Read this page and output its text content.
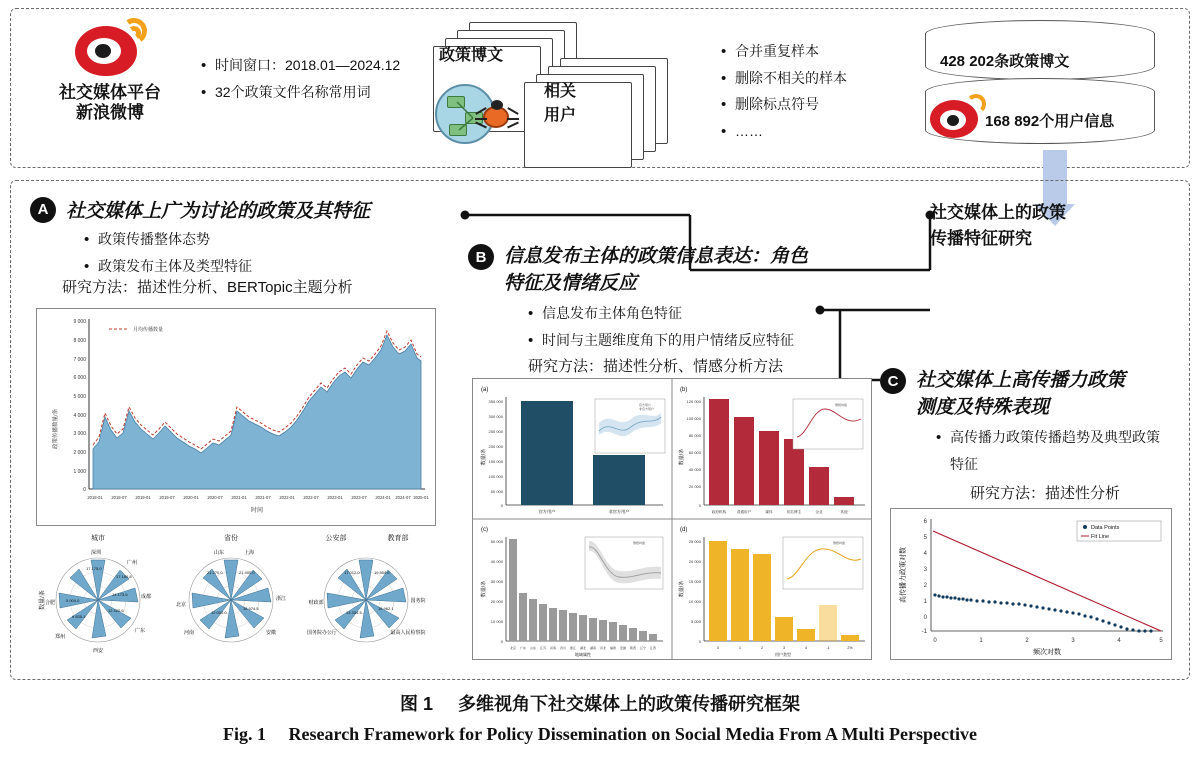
社交媒体平台
新浪微博
• 时间窗口：2018.01—2024.12
• 32个政策文件名称常用词
政策博文
相关
用户
• 合并重复样本
• 删除不相关的样本
• 删除标点符号
• ……
428 202条政策博文
168 892个用户信息
社交媒体上的政策
传播特征研究
A 社交媒体上广为讨论的政策及其特征
• 政策传播整体态势
• 政策发布主体及类型特征
研究方法：描述性分析、BERTopic主题分析
9 000
8 000
7 000
6 000
5 000
4 000
3 000
2 000
1 000
0
政策传播数量/条
月均传播数量
2018-01 2018-07 2019-01 2019-07 2020-01 2020-07 2021-01 2021-07 2022-01 2022-07 2023-01 2023-07 2024-01 2024-07 2025-01
时间
城市	省份	公安部	教育部
数量/条
深圳
广州
成都
广东
西安
郑州
合肥
17 175.0
17 180.8
14 173.5
12 420.6
9 835.1
5 000.0
山东	上海
浙江
安徽
河南
北京
21 270.0	21 400.0
16 974.5
12 000.0
国务院
最高人民检察院
国务院办公厅
财政部
17 012.0	19 804.6
16 962.1
13 334.3
B 信息发布主体的政策信息表达：角色
特征及情绪反应
• 信息发布主体角色特征
• 时间与主题维度角下的用户情绪反应特征
研究方法：描述性分析、情感分析方法
(a)
350 000
300 000
250 000
200 000
150 000
100 000
50 000
0
数量/条
官方用户	非官方用户
官方用户
非官方用户
(b)
120 000
100 000
80 000
60 000
40 000
20 000
0
数量/条
政府机构	普通用户	媒体	知名博主	企业	其他
情感均值
(c)
50 000
40 000
30 000
20 000
10 000
0
数量/条
北京 广东 山东 江苏	河南 四川 浙江 湖北 湖南 河北 福建 安徽 陕西 辽宁 江西
地域属性
情感均值
(d)
25 000
20 000
15 000
10 000
5 000
0
数量/条
0	1	2	3	4	-1	2%
用户类型
情感均值
C 社交媒体上高传播力政策
测度及特殊表现
• 高传播力政策传播趋势及典型政策特征
研究方法：描述性分析
6
5
4
3
2
1
0
-1
高传播力政策对数
0	1	2	3	4	5
频次对数
Data Points
Fit Line
图 1 多维视角下社交媒体上的政策传播研究框架
Fig. 1 Research Framework for Policy Dissemination on Social Media From A Multi Perspective
